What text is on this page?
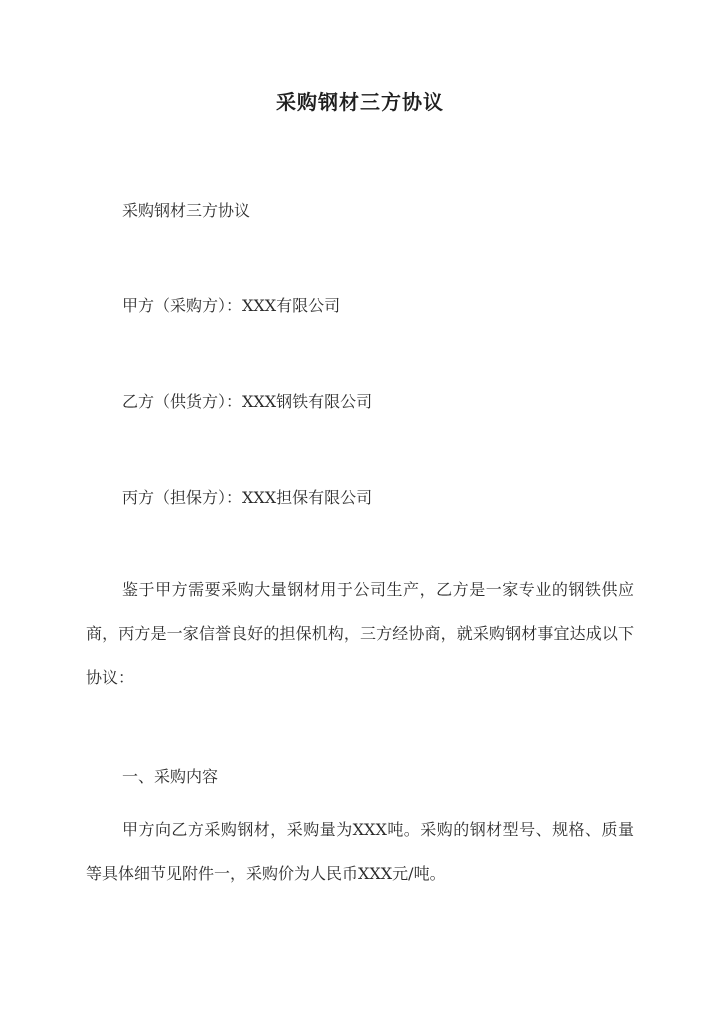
采购钢材三方协议
采购钢材三方协议
甲方（采购方）：XXX有限公司
乙方（供货方）：XXX钢铁有限公司
丙方（担保方）：XXX担保有限公司
鉴于甲方需要采购大量钢材用于公司生产，乙方是一家专业的钢铁供应商，丙方是一家信誉良好的担保机构，三方经协商，就采购钢材事宜达成以下协议：
一、采购内容
甲方向乙方采购钢材，采购量为XXX吨。采购的钢材型号、规格、质量等具体细节见附件一，采购价为人民币XXX元/吨。
